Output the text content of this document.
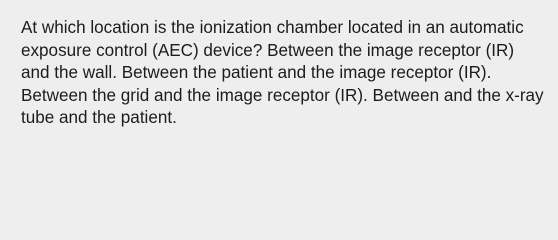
At which location is the ionization chamber located in an automatic exposure control (AEC) device? Between the image receptor (IR) and the wall. Between the patient and the image receptor (IR). Between the grid and the image receptor (IR). Between and the x-ray tube and the patient.
